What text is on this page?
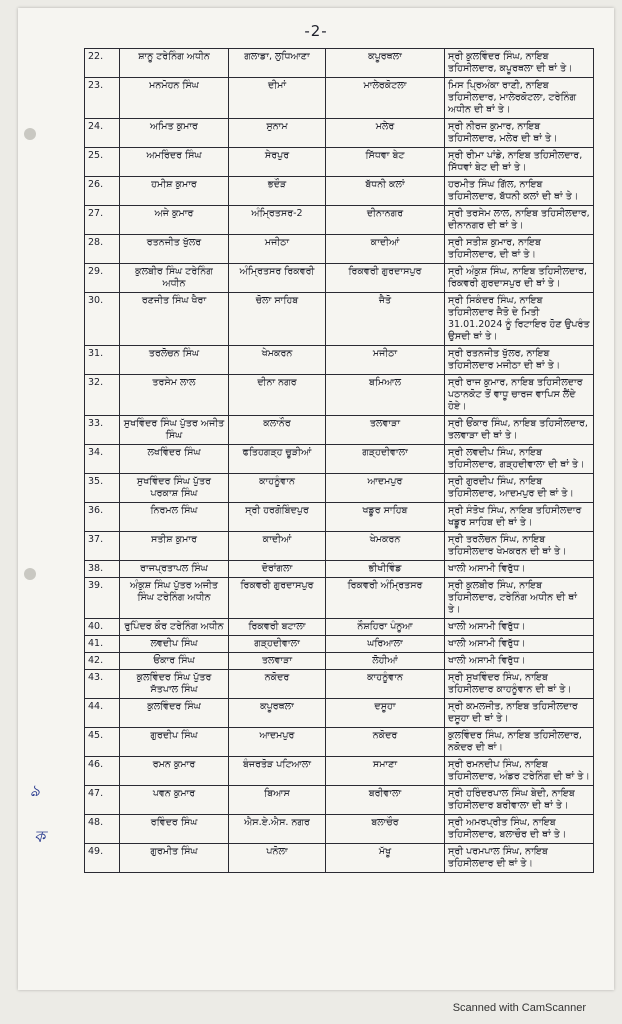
-2-
22.	ਸ਼ਾਨੂ ਟਰੇਨਿੰਗ ਅਧੀਨ	ਗਲਾਡਾ, ਲੁਧਿਆਣਾ	ਕਪੂਰਥਲਾ	ਸ੍ਰੀ ਕੁਲਵਿੰਦਰ ਸਿੰਘ, ਨਾਇਬ ਤਹਿਸੀਲਦਾਰ, ਕਪੂਰਥਲਾ ਦੀ ਥਾਂ ਤੇ।
23.	ਮਨਮੋਹਨ ਸਿੰਘ	ਦੀਮਾਂ	ਮਾਲੇਰਕੋਟਲਾ	ਮਿਸ ਪ੍ਰਿਅੰਕਾ ਰਾਣੀ, ਨਾਇਬ ਤਹਿਸੀਲਦਾਰ, ਮਾਲੇਰਕੋਟਲਾ, ਟਰੇਨਿੰਗ ਅਧੀਨ ਦੀ ਥਾਂ ਤੇ।
24.	ਅਮਿਤ ਕੁਮਾਰ	ਸੁਨਾਮ	ਮਲੇਰ	ਸ੍ਰੀ ਨੀਰਜ ਕੁਮਾਰ, ਨਾਇਬ ਤਹਿਸੀਲਦਾਰ, ਮਲੇਰ ਦੀ ਥਾਂ ਤੇ।
25.	ਅਮਰਿੰਦਰ ਸਿੰਘ	ਸੇਰਪੁਰ	ਸਿੱਧਵਾ ਬੇਟ	ਸ੍ਰੀ ਰੀਮਾ ਪਾਂਡੇ, ਨਾਇਬ ਤਹਿਸੀਲਦਾਰ, ਸਿੱਧਵਾਂ ਬੇਟ ਦੀ ਥਾਂ ਤੇ।
26.	ਹਮੀਸ਼ ਕੁਮਾਰ	ਭਦੌੜ	ਬੱਧਨੀ ਕਲਾਂ	ਹਰਮੀਤ ਸਿੰਘ ਗਿੱਲ, ਨਾਇਬ ਤਹਿਸੀਲਦਾਰ, ਬੱਧਨੀ ਕਲਾਂ ਦੀ ਥਾਂ ਤੇ।
27.	ਅਜੇ ਕੁਮਾਰ	ਅੰਮ੍ਰਿਤਸਰ-2	ਦੀਨਾਨਗਰ	ਸ੍ਰੀ ਤਰਸੇਮ ਲਾਲ, ਨਾਇਬ ਤਹਿਸੀਲਦਾਰ, ਦੀਨਾਨਗਰ ਦੀ ਥਾਂ ਤੇ।
28.	ਰਤਨਜੀਤ ਖੁੱਲਰ	ਮਜੀਠਾ	ਕਾਦੀਆਂ	ਸ੍ਰੀ ਸਤੀਸ਼ ਕੁਮਾਰ, ਨਾਇਬ ਤਹਿਸੀਲਦਾਰ, ਦੀ ਥਾਂ ਤੇ।
29.	ਕੁਲਬੀਰ ਸਿੰਘ ਟਰੇਨਿੰਗ ਅਧੀਨ	ਅੰਮ੍ਰਿਤਸਰ ਰਿਕਵਰੀ	ਰਿਕਵਰੀ ਗੁਰਦਾਸਪੁਰ	ਸ੍ਰੀ ਅੰਕੁਸ਼ ਸਿੰਘ, ਨਾਇਬ ਤਹਿਸੀਲਦਾਰ, ਰਿਕਵਰੀ ਗੁਰਦਾਸਪੁਰ ਦੀ ਥਾਂ ਤੇ।
30.	ਰਣਜੀਤ ਸਿੰਘ ਖੈਰਾ	ਚੋਲਾ ਸਾਹਿਬ	ਜੈਤੋ	ਸ੍ਰੀ ਸਿਕੰਦਰ ਸਿੰਘ, ਨਾਇਬ ਤਹਿਸੀਲਦਾਰ ਜੈਤੋ ਦੇ ਮਿਤੀ 31.01.2024 ਨੂੰ ਰਿਟਾਇਰ ਹੋਣ ਉਪਰੰਤ ਉਸਦੀ ਥਾਂ ਤੇ।
31.	ਤਰਲੋਚਨ ਸਿੰਘ	ਖੇਮਕਰਨ	ਮਜੀਠਾ	ਸ੍ਰੀ ਰਤਨਜੀਤ ਖੁੱਲਰ, ਨਾਇਬ ਤਹਿਸੀਲਦਾਰ ਮਜੀਠਾ ਦੀ ਥਾਂ ਤੇ।
32.	ਤਰਸੇਮ ਲਾਲ	ਦੀਨਾ ਨਗਰ	ਬਮਿਆਲ	ਸ੍ਰੀ ਰਾਜ ਕੁਮਾਰ, ਨਾਇਬ ਤਹਿਸੀਲਦਾਰ ਪਠਾਨਕੋਟ ਤੋਂ ਵਾਧੂ ਚਾਰਜ ਵਾਪਿਸ ਲੈਂਦੇ ਹੋਏ।
33.	ਸੁਖਵਿੰਦਰ ਸਿੰਘ ਪੁੱਤਰ ਅਜੀਤ ਸਿੰਘ	ਕਲਾਨੌਰ	ਤਲਵਾੜਾ	ਸ੍ਰੀ ਓਂਕਾਰ ਸਿੰਘ, ਨਾਇਬ ਤਹਿਸੀਲਦਾਰ, ਤਲਵਾੜਾ ਦੀ ਥਾਂ ਤੇ।
34.	ਲਖਵਿੰਦਰ ਸਿੰਘ	ਫਤਿਹਗੜ੍ਹ ਚੂੜੀਆਂ	ਗੜ੍ਹਦੀਵਾਲਾ	ਸ੍ਰੀ ਲਵਦੀਪ ਸਿੰਘ, ਨਾਇਬ ਤਹਿਸੀਲਦਾਰ, ਗੜ੍ਹਦੀਵਾਲਾ ਦੀ ਥਾਂ ਤੇ।
35.	ਸੁਖਵਿੰਦਰ ਸਿੰਘ ਪੁੱਤਰ ਪਰਕਾਸ਼ ਸਿੰਘ	ਕਾਹਨੂੰਵਾਨ	ਆਦਮਪੁਰ	ਸ੍ਰੀ ਗੁਰਦੀਪ ਸਿੰਘ, ਨਾਇਬ ਤਹਿਸੀਲਦਾਰ, ਆਦਮਪੁਰ ਦੀ ਥਾਂ ਤੇ।
36.	ਨਿਰਮਲ ਸਿੰਘ	ਸ੍ਰੀ ਹਰਗੋਬਿੰਦਪੁਰ	ਖਡੂਰ ਸਾਹਿਬ	ਸ੍ਰੀ ਸੰਤੋਖ ਸਿੰਘ, ਨਾਇਬ ਤਹਿਸੀਲਦਾਰ ਖਡੂਰ ਸਾਹਿਬ ਦੀ ਥਾਂ ਤੇ।
37.	ਸਤੀਸ਼ ਕੁਮਾਰ	ਕਾਦੀਆਂ	ਖੇਮਕਰਨ	ਸ੍ਰੀ ਤਰਲੋਚਨ ਸਿੰਘ, ਨਾਇਬ ਤਹਿਸੀਲਦਾਰ ਖੇਮਕਰਨ ਦੀ ਥਾਂ ਤੇ।
38.	ਰਾਜਪ੍ਰਤਾਪਲ ਸਿੰਘ	ਦੋਰਾਂਗਲਾ	ਭੀਖੀਵਿੰਡ	ਖਾਲੀ ਅਸਾਮੀ ਵਿਰੁੱਧ।
39.	ਅੰਕੁਸ਼ ਸਿੰਘ ਪੁੱਤਰ ਅਜੀਤ ਸਿੰਘ ਟਰੇਨਿੰਗ ਅਧੀਨ	ਰਿਕਵਰੀ ਗੁਰਦਾਸਪੁਰ	ਰਿਕਵਰੀ ਅੰਮ੍ਰਿਤਸਰ	ਸ੍ਰੀ ਕੁਲਬੀਰ ਸਿੰਘ, ਨਾਇਬ ਤਹਿਸੀਲਦਾਰ, ਟਰੇਨਿੰਗ ਅਧੀਨ ਦੀ ਥਾਂ ਤੇ।
40.	ਰੁਪਿੰਦਰ ਕੌਰ ਟਰੇਨਿੰਗ ਅਧੀਨ	ਰਿਕਵਰੀ ਬਟਾਲਾ	ਨੌਸ਼ਹਿਰਾ ਪੰਨੂਆ	ਖਾਲੀ ਅਸਾਮੀ ਵਿਰੁੱਧ।
41.	ਲਵਦੀਪ ਸਿੰਘ	ਗੜ੍ਹਦੀਵਾਲਾ	ਘਰਿਆਲਾ	ਖਾਲੀ ਅਸਾਮੀ ਵਿਰੁੱਧ।
42.	ਓਂਕਾਰ ਸਿੰਘ	ਤਲਵਾੜਾ	ਲੋਹੀਆਂ	ਖਾਲੀ ਅਸਾਮੀ ਵਿਰੁੱਧ।
43.	ਕੁਲਵਿੰਦਰ ਸਿੰਘ ਪੁੱਤਰ ਸੱਤਪਾਲ ਸਿੰਘ	ਨਕੋਦਰ	ਕਾਹਨੂੰਵਾਨ	ਸ੍ਰੀ ਸੁਖਵਿੰਦਰ ਸਿੰਘ, ਨਾਇਬ ਤਹਿਸੀਲਦਾਰ ਕਾਹਨੂੰਵਾਨ ਦੀ ਥਾਂ ਤੇ।
44.	ਕੁਲਵਿੰਦਰ ਸਿੰਘ	ਕਪੂਰਥਲਾ	ਦਸੂਹਾ	ਸ੍ਰੀ ਕਮਲਜੀਤ, ਨਾਇਬ ਤਹਿਸੀਲਦਾਰ ਦਸੂਹਾ ਦੀ ਥਾਂ ਤੇ।
45.	ਗੁਰਦੀਪ ਸਿੰਘ	ਆਦਮਪੁਰ	ਨਕੋਦਰ	ਕੁਲਵਿੰਦਰ ਸਿੰਘ, ਨਾਇਬ ਤਹਿਸੀਲਦਾਰ, ਨਕੋਦਰ ਦੀ ਥਾਂ।
46.	ਰਮਨ ਕੁਮਾਰ	ਬੰਜਰਤੋੜ ਪਟਿਆਲਾ	ਸਮਾਣਾ	ਸ੍ਰੀ ਰਮਨਦੀਪ ਸਿੰਘ, ਨਾਇਬ ਤਹਿਸੀਲਦਾਰ, ਅੰਡਰ ਟਰੇਨਿੰਗ ਦੀ ਥਾਂ ਤੇ।
47.	ਪਵਨ ਕੁਮਾਰ	ਬਿਆਸ	ਬਰੀਵਾਲਾ	ਸ੍ਰੀ ਹਰਿੰਦਰਪਾਲ ਸਿੰਘ ਬੇਦੀ, ਨਾਇਬ ਤਹਿਸੀਲਦਾਰ ਬਰੀਵਾਲਾ ਦੀ ਥਾਂ ਤੇ।
48.	ਰਵਿੰਦਰ ਸਿੰਘ	ਐਸ.ਏ.ਐਸ. ਨਗਰ	ਬਲਾਚੌਰ	ਸ੍ਰੀ ਅਮਰਪ੍ਰੀਤ ਸਿੰਘ, ਨਾਇਬ ਤਹਿਸੀਲਦਾਰ, ਬਲਾਚੌਰ ਦੀ ਥਾਂ ਤੇ।
49.	ਗੁਰਮੀਤ ਸਿੰਘ	ਪਨੋਲਾ	ਮੱਖੂ	ਸ੍ਰੀ ਪਰਮਪਾਲ ਸਿੰਘ, ਨਾਇਬ ਤਹਿਸੀਲਦਾਰ ਦੀ ਥਾਂ ਤੇ।
ঌ
ক
Scanned with CamScanner
